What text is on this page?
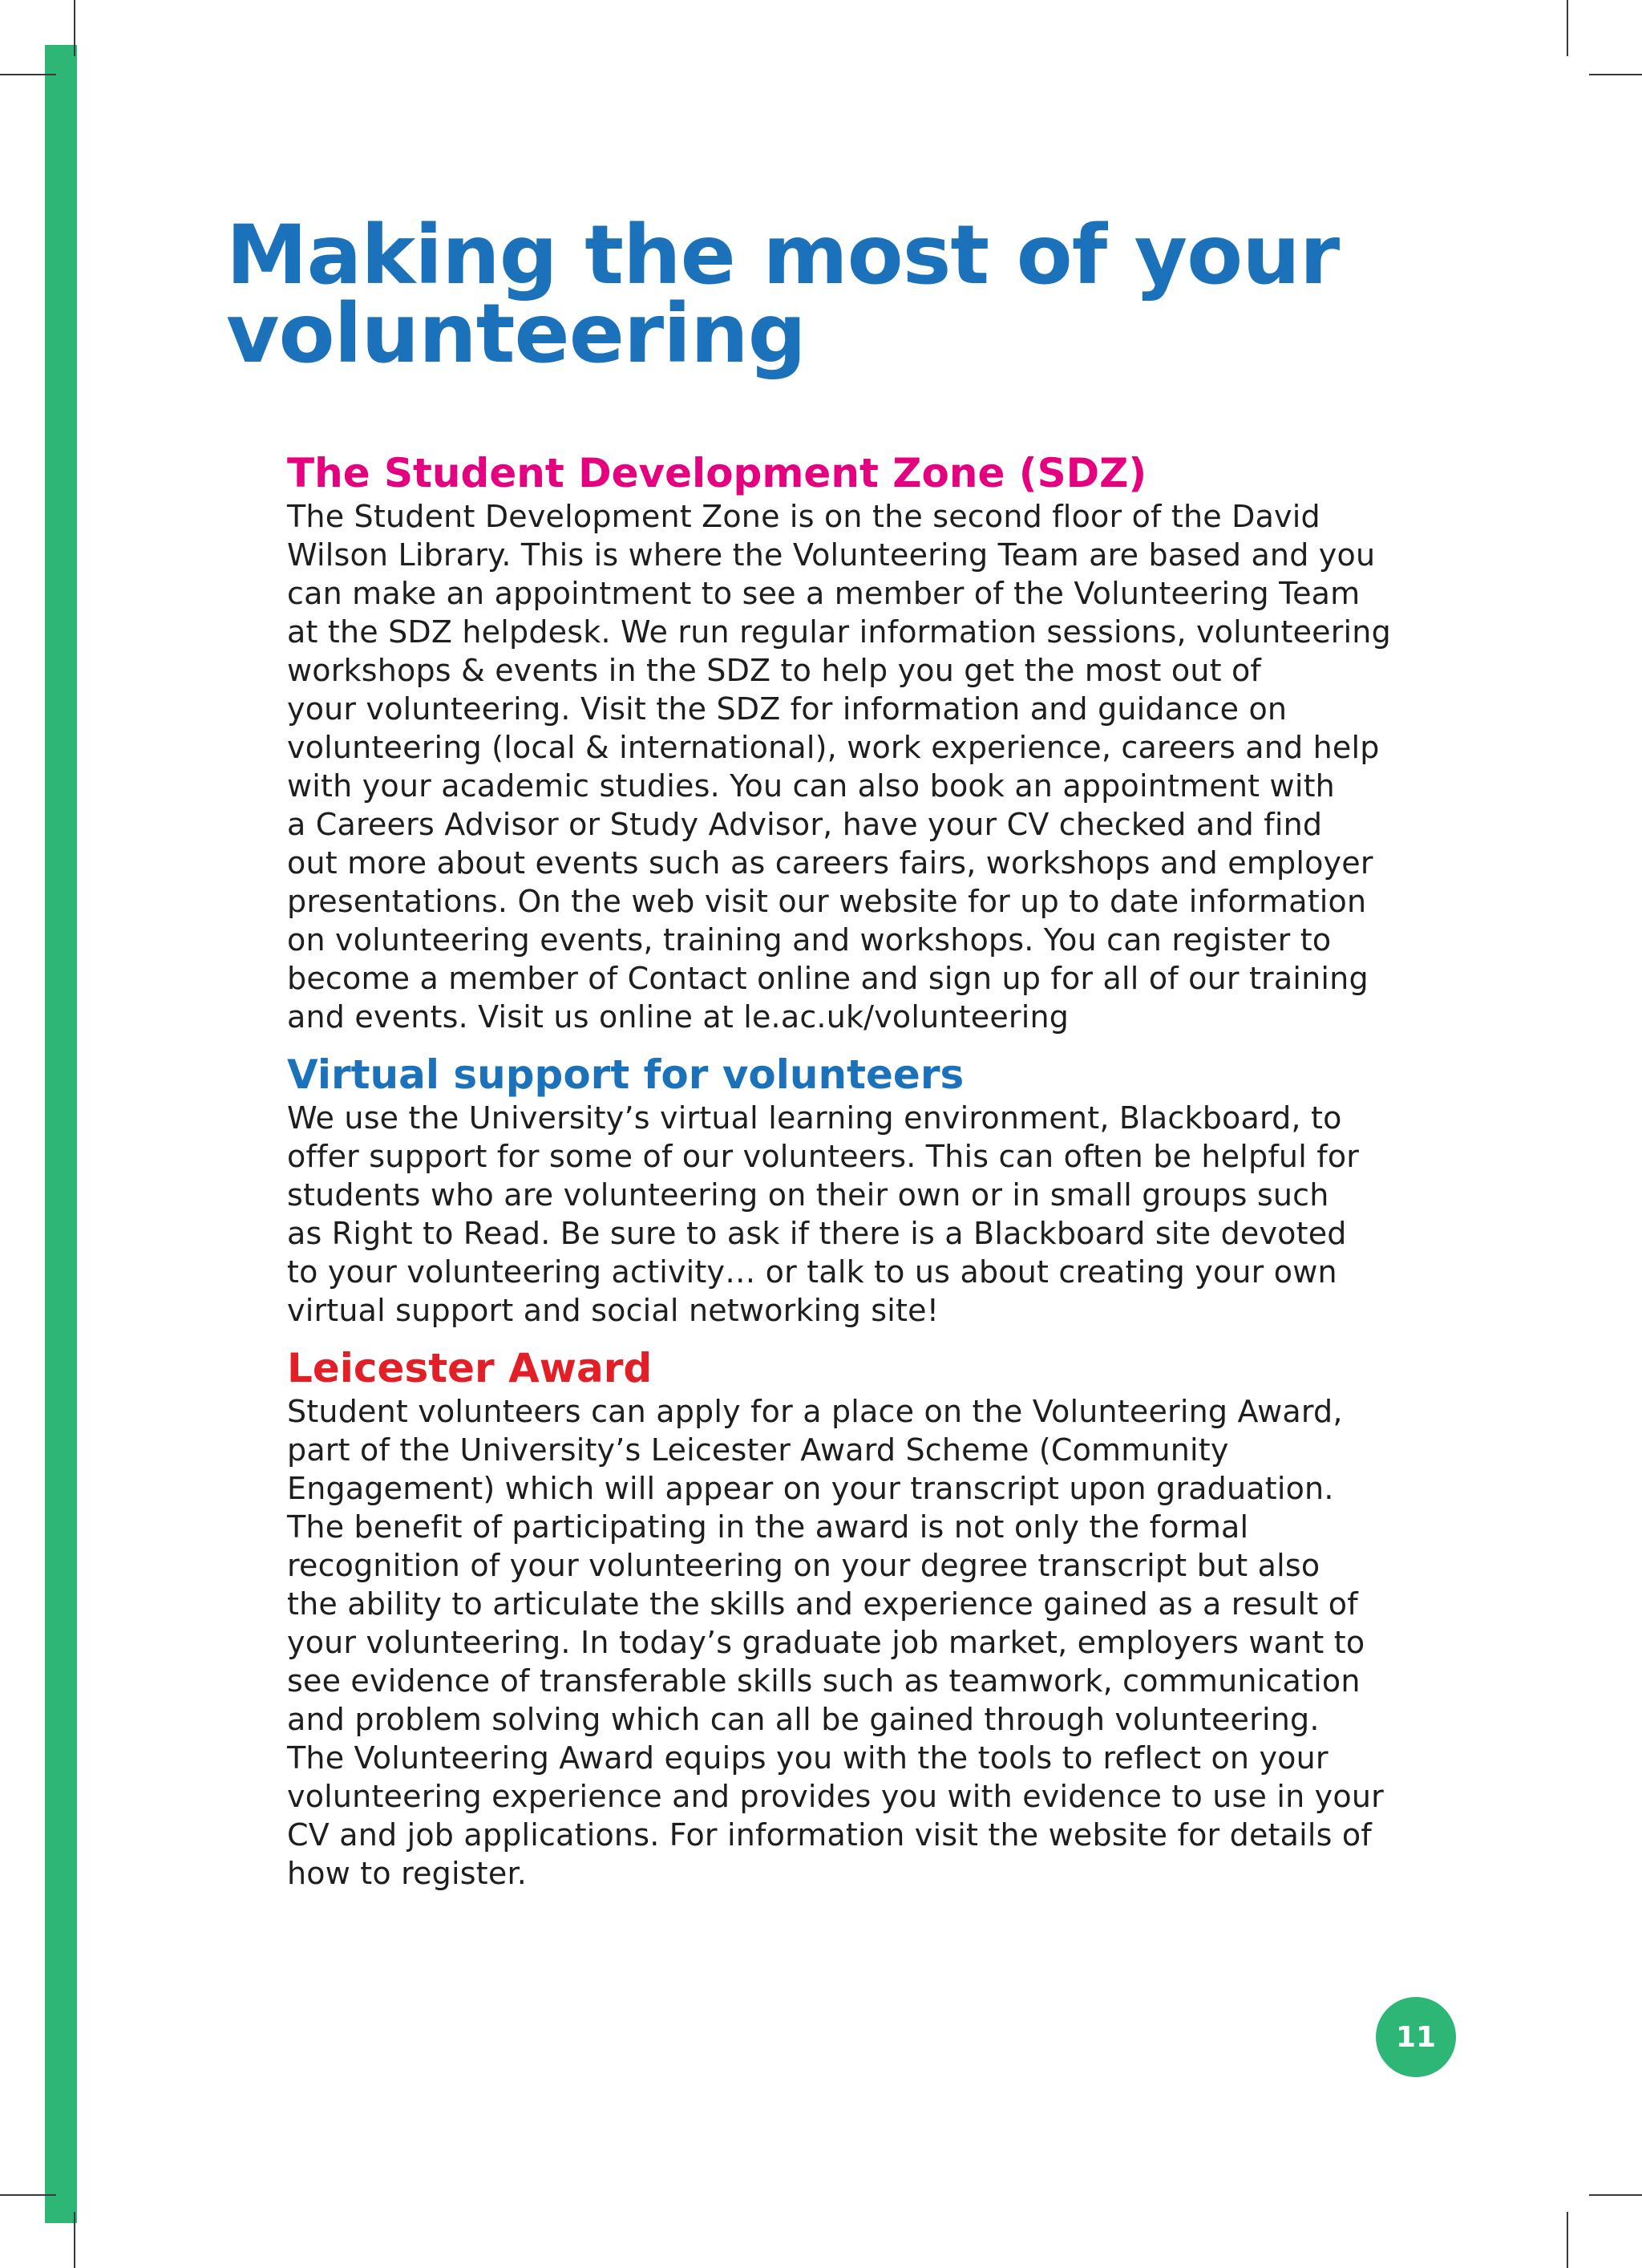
Making the most of your volunteering
The Student Development Zone (SDZ)

The Student Development Zone is on the second floor of the David
Wilson Library. This is where the Volunteering Team are based and you
can make an appointment to see a member of the Volunteering Team
at the SDZ helpdesk. We run regular information sessions, volunteering
workshops & events in the SDZ to help you get the most out of
your volunteering. Visit the SDZ for information and guidance on
volunteering (local & international), work experience, careers and help
with your academic studies. You can also book an appointment with
a Careers Advisor or Study Advisor, have your CV checked and find
out more about events such as careers fairs, workshops and employer
presentations. On the web visit our website for up to date information
on volunteering events, training and workshops. You can register to
become a member of Contact online and sign up for all of our training
and events. Visit us online at le.ac.uk/volunteering

Virtual support for volunteers

We use the University’s virtual learning environment, Blackboard, to
offer support for some of our volunteers. This can often be helpful for
students who are volunteering on their own or in small groups such
as Right to Read. Be sure to ask if there is a Blackboard site devoted
to your volunteering activity… or talk to us about creating your own
virtual support and social networking site!

Leicester Award

Student volunteers can apply for a place on the Volunteering Award,
part of the University’s Leicester Award Scheme (Community
Engagement) which will appear on your transcript upon graduation.
The benefit of participating in the award is not only the formal
recognition of your volunteering on your degree transcript but also
the ability to articulate the skills and experience gained as a result of
your volunteering. In today’s graduate job market, employers want to
see evidence of transferable skills such as teamwork, communication
and problem solving which can all be gained through volunteering.
The Volunteering Award equips you with the tools to reflect on your
volunteering experience and provides you with evidence to use in your
CV and job applications. For information visit the website for details of
how to register.

11
